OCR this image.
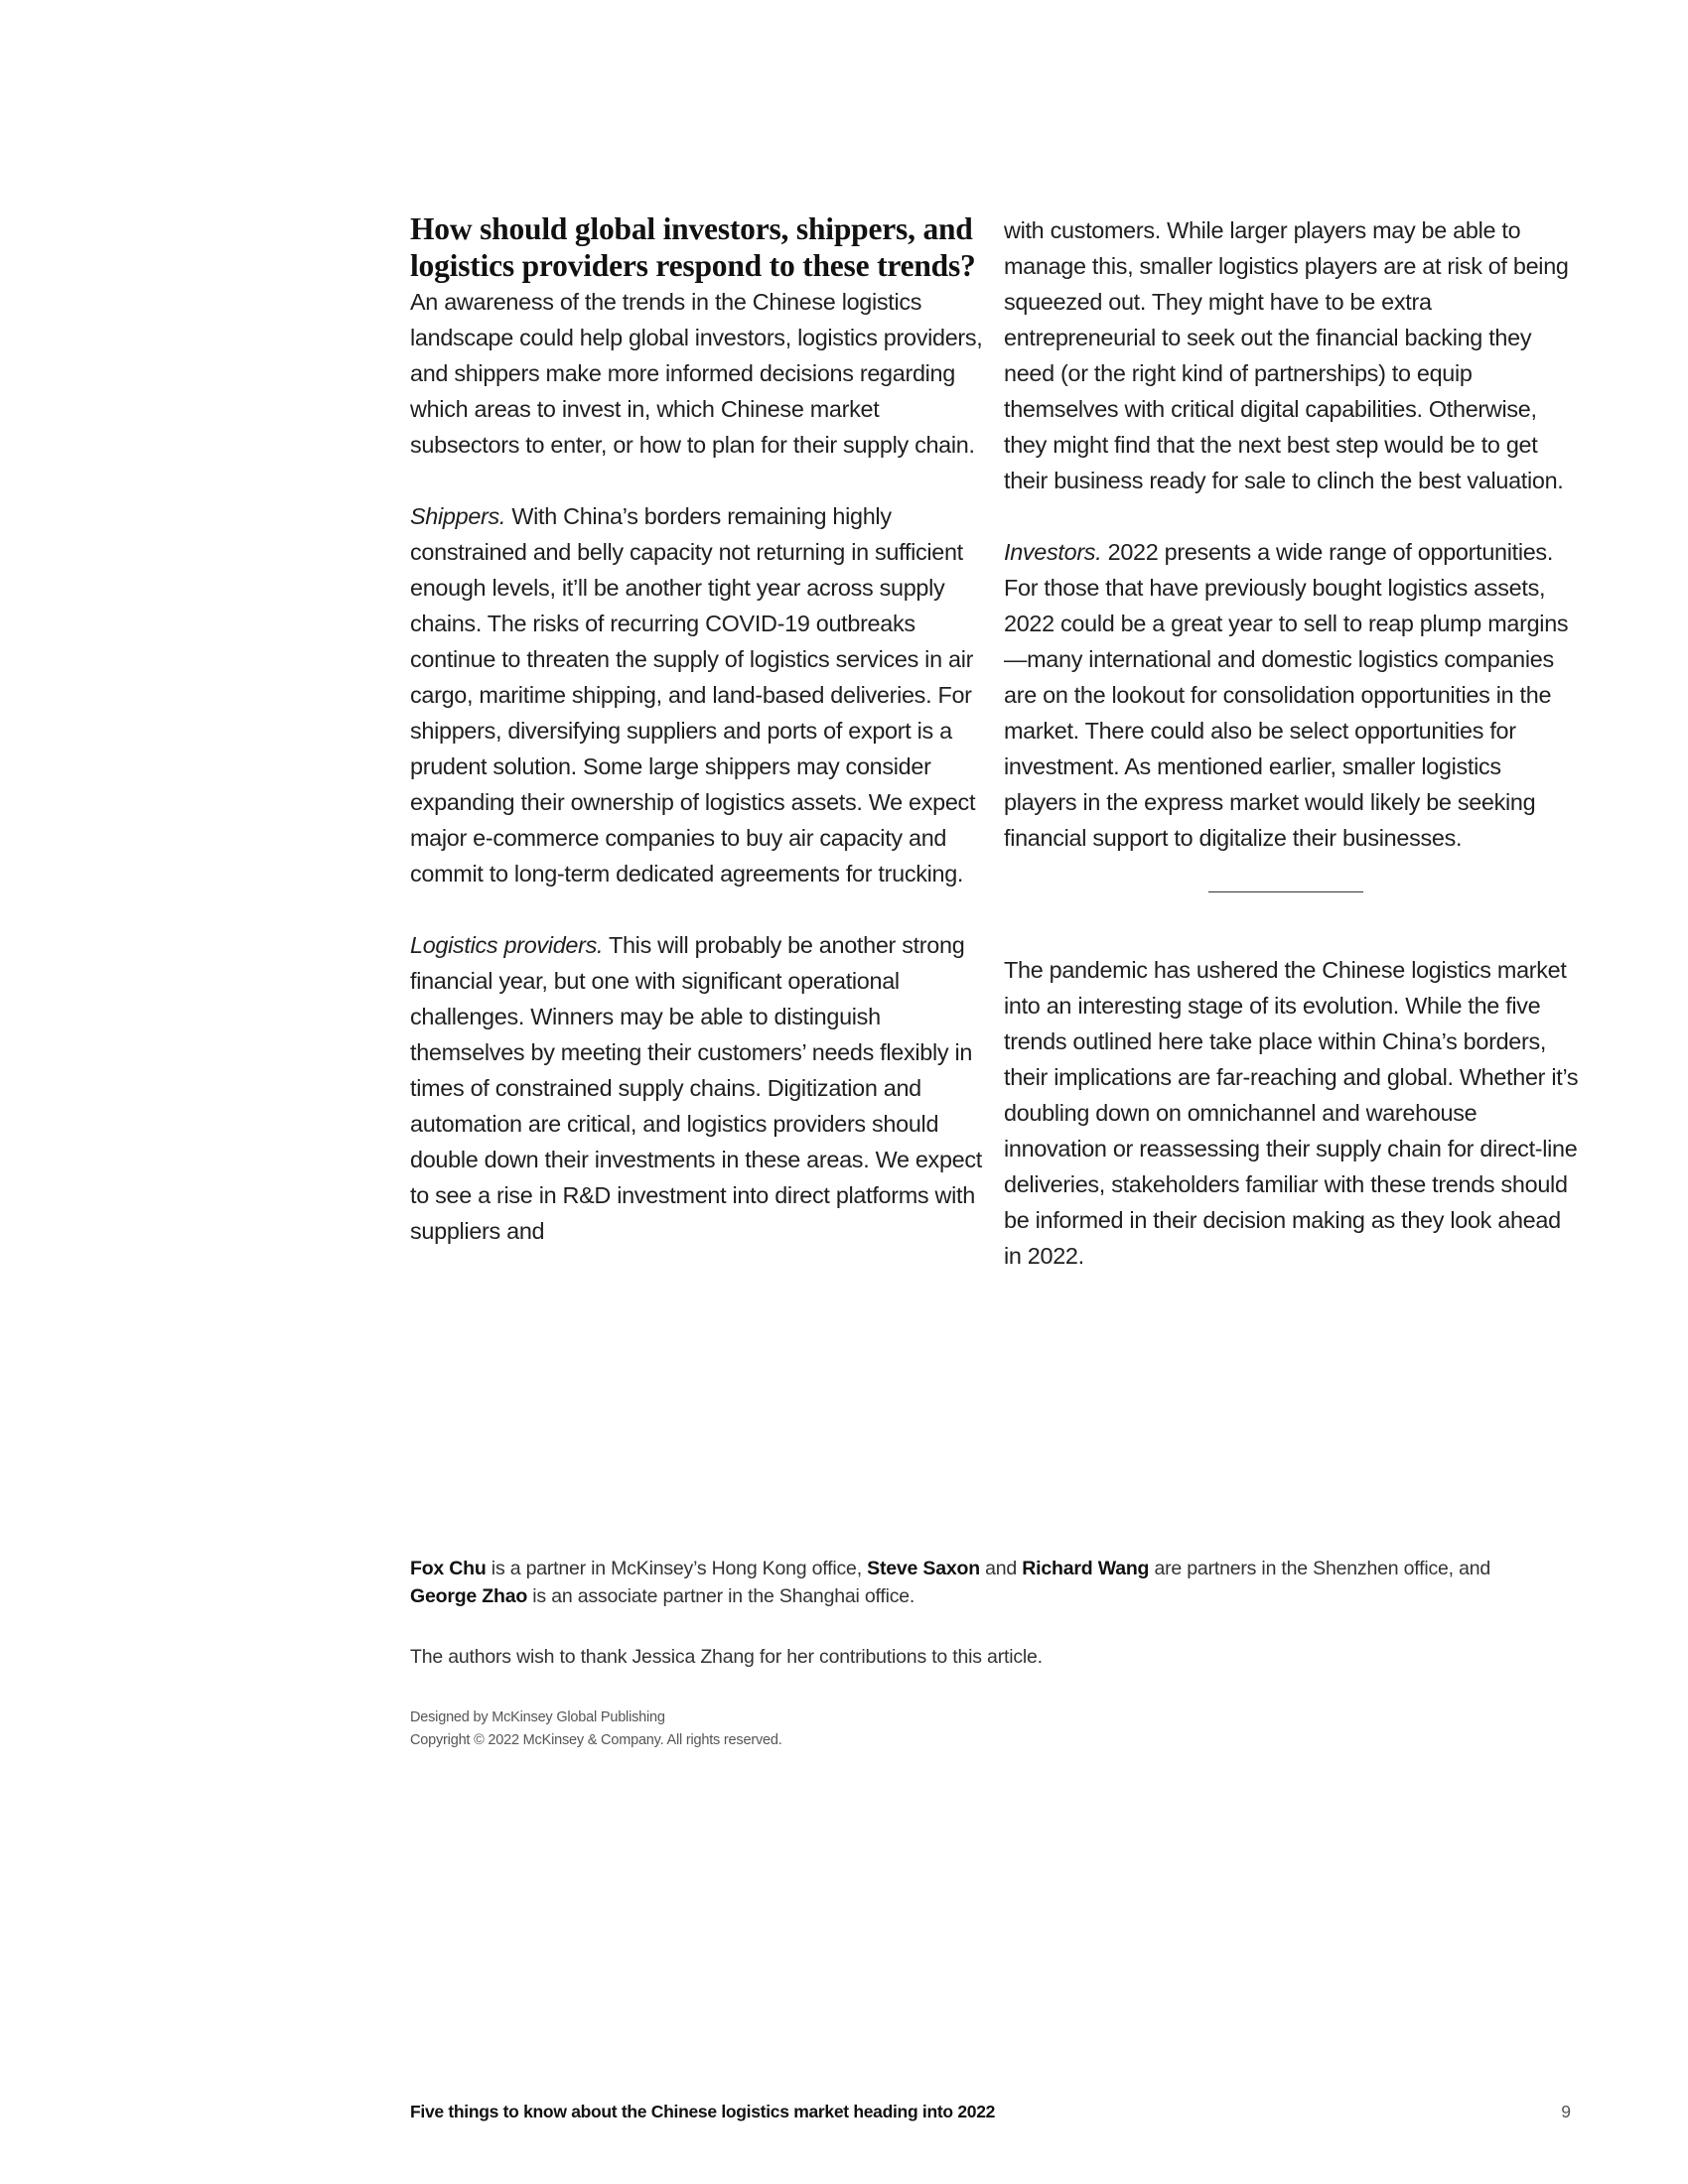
How should global investors, shippers, and logistics providers respond to these trends?

An awareness of the trends in the Chinese logistics landscape could help global investors, logistics providers, and shippers make more informed decisions regarding which areas to invest in, which Chinese market subsectors to enter, or how to plan for their supply chain.

Shippers. With China’s borders remaining highly constrained and belly capacity not returning in sufficient enough levels, it’ll be another tight year across supply chains. The risks of recurring COVID-19 outbreaks continue to threaten the supply of logistics services in air cargo, maritime shipping, and land-based deliveries. For shippers, diversifying suppliers and ports of export is a prudent solution. Some large shippers may consider expanding their ownership of logistics assets. We expect major e-commerce companies to buy air capacity and commit to long-term dedicated agreements for trucking.

Logistics providers. This will probably be another strong financial year, but one with significant operational challenges. Winners may be able to distinguish themselves by meeting their customers’ needs flexibly in times of constrained supply chains. Digitization and automation are critical, and logistics providers should double down their investments in these areas. We expect to see a rise in R&D investment into direct platforms with suppliers and

with customers. While larger players may be able to manage this, smaller logistics players are at risk of being squeezed out. They might have to be extra entrepreneurial to seek out the financial backing they need (or the right kind of partnerships) to equip themselves with critical digital capabilities. Otherwise, they might find that the next best step would be to get their business ready for sale to clinch the best valuation.

Investors. 2022 presents a wide range of opportunities. For those that have previously bought logistics assets, 2022 could be a great year to sell to reap plump margins—many international and domestic logistics companies are on the lookout for consolidation opportunities in the market. There could also be select opportunities for investment. As mentioned earlier, smaller logistics players in the express market would likely be seeking financial support to digitalize their businesses.

The pandemic has ushered the Chinese logistics market into an interesting stage of its evolution. While the five trends outlined here take place within China’s borders, their implications are far-reaching and global. Whether it’s doubling down on omnichannel and warehouse innovation or reassessing their supply chain for direct-line deliveries, stakeholders familiar with these trends should be informed in their decision making as they look ahead in 2022.

Fox Chu is a partner in McKinsey’s Hong Kong office, Steve Saxon and Richard Wang are partners in the Shenzhen office, and
George Zhao is an associate partner in the Shanghai office.

The authors wish to thank Jessica Zhang for her contributions to this article.

Designed by McKinsey Global Publishing
Copyright © 2022 McKinsey & Company. All rights reserved.

Five things to know about the Chinese logistics market heading into 2022	9
